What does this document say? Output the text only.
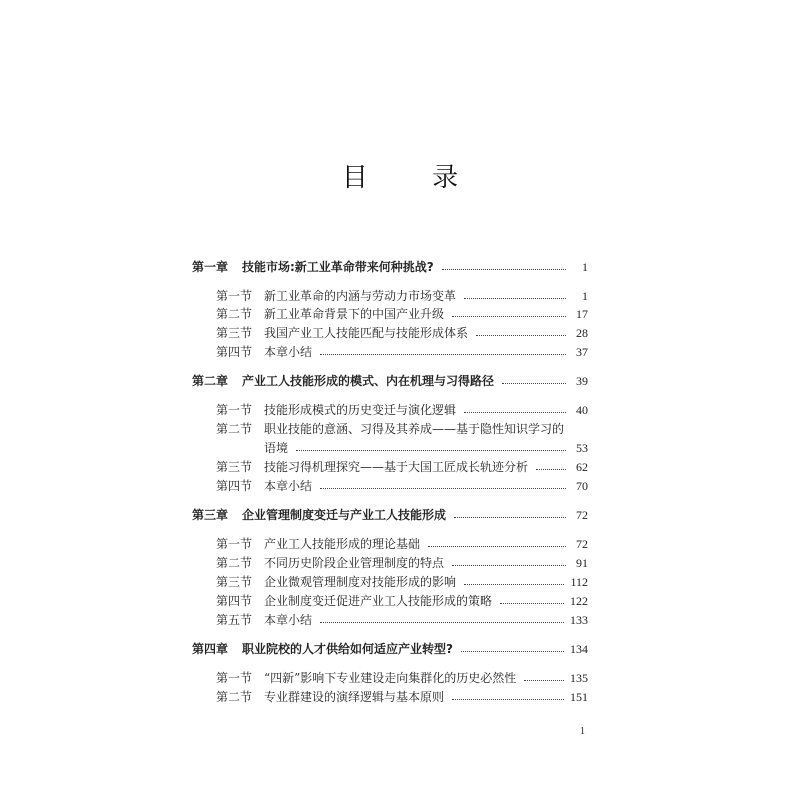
目 录
第一章	技能市场:新工业革命带来何种挑战?	1
第一节 新工业革命的内涵与劳动力市场变革	1
第二节 新工业革命背景下的中国产业升级	17
第三节 我国产业工人技能匹配与技能形成体系	28
第四节 本章小结	37
第二章	产业工人技能形成的模式、内在机理与习得路径	39
第一节 技能形成模式的历史变迁与演化逻辑	40
第二节 职业技能的意涵、习得及其养成——基于隐性知识学习的
语境	53
第三节 技能习得机理探究——基于大国工匠成长轨迹分析	62
第四节 本章小结	70
第三章	企业管理制度变迁与产业工人技能形成	72
第一节 产业工人技能形成的理论基础	72
第二节 不同历史阶段企业管理制度的特点	91
第三节 企业微观管理制度对技能形成的影响	112
第四节 企业制度变迁促进产业工人技能形成的策略	122
第五节 本章小结	133
第四章	职业院校的人才供给如何适应产业转型?	134
第一节 “四新”影响下专业建设走向集群化的历史必然性	135
第二节 专业群建设的演绎逻辑与基本原则	151
1
